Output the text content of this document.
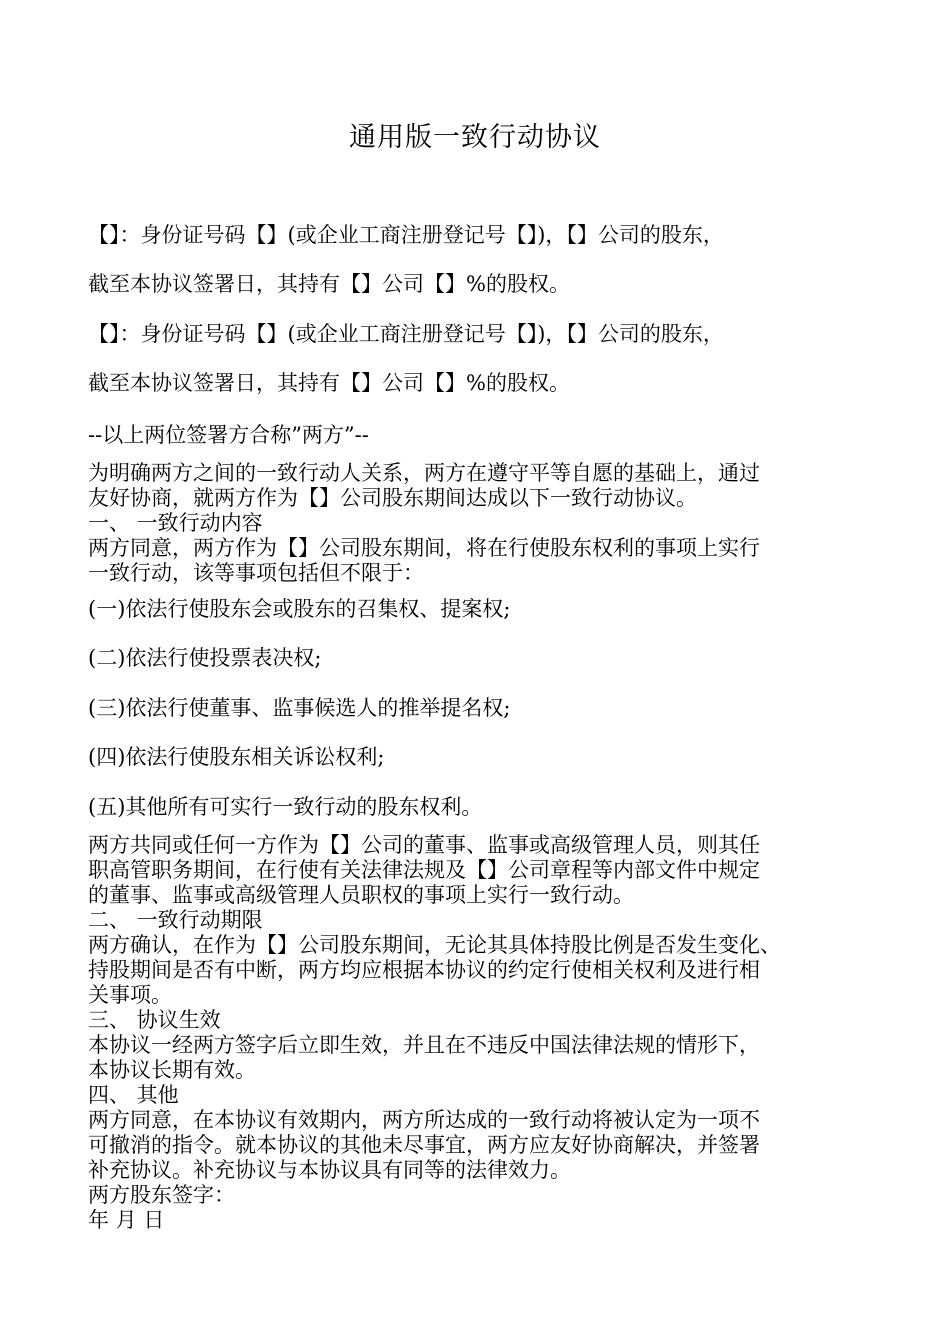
通用版一致行动协议
【】：身份证号码【】(或企业工商注册登记号【】)，【】公司的股东，
截至本协议签署日，其持有【】公司【】%的股权。
【】：身份证号码【】(或企业工商注册登记号【】)，【】公司的股东，
截至本协议签署日，其持有【】公司【】%的股权。
--以上两位签署方合称”两方”--
为明确两方之间的一致行动人关系，两方在遵守平等自愿的基础上，通过
友好协商，就两方作为【】公司股东期间达成以下一致行动协议。
一、 一致行动内容
两方同意，两方作为【】公司股东期间，将在行使股东权利的事项上实行
一致行动，该等事项包括但不限于：
(一)依法行使股东会或股东的召集权、提案权;
(二)依法行使投票表决权;
(三)依法行使董事、监事候选人的推举提名权;
(四)依法行使股东相关诉讼权利;
(五)其他所有可实行一致行动的股东权利。
两方共同或任何一方作为【】公司的董事、监事或高级管理人员，则其任
职高管职务期间，在行使有关法律法规及【】公司章程等内部文件中规定
的董事、监事或高级管理人员职权的事项上实行一致行动。
二、 一致行动期限
两方确认，在作为【】公司股东期间，无论其具体持股比例是否发生变化、
持股期间是否有中断，两方均应根据本协议的约定行使相关权利及进行相
关事项。
三、 协议生效
本协议一经两方签字后立即生效，并且在不违反中国法律法规的情形下，
本协议长期有效。
四、 其他
两方同意，在本协议有效期内，两方所达成的一致行动将被认定为一项不
可撤消的指令。就本协议的其他未尽事宜，两方应友好协商解决，并签署
补充协议。补充协议与本协议具有同等的法律效力。
两方股东签字：
年 月 日
